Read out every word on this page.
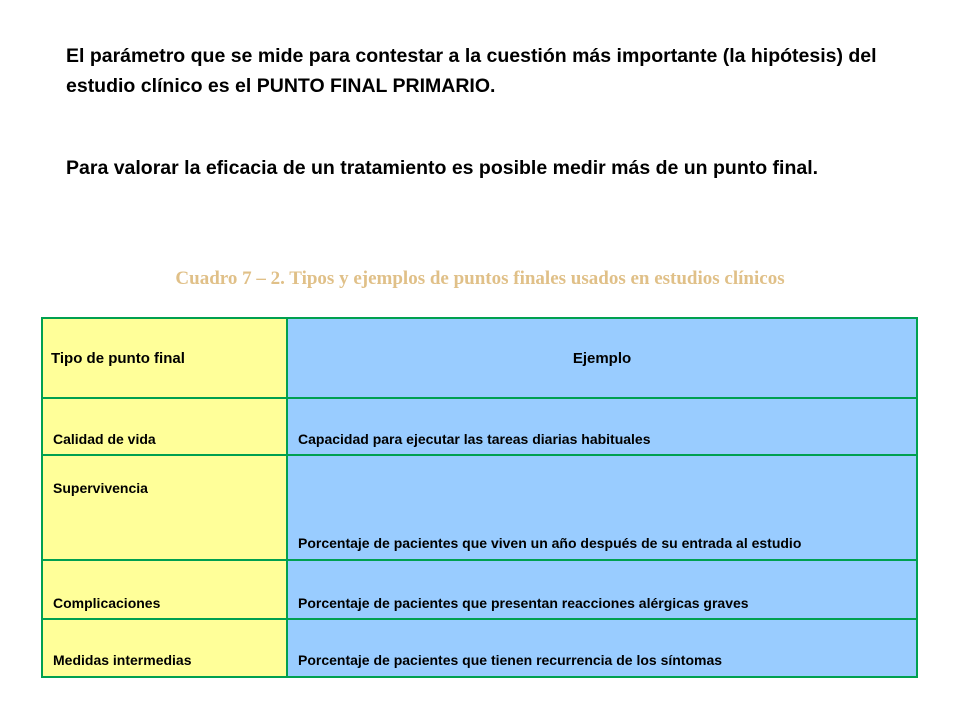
El parámetro que se mide para contestar a la cuestión más importante (la hipótesis) del estudio clínico es el PUNTO FINAL PRIMARIO.

Para valorar la eficacia de un tratamiento es posible medir más de un punto final.

Cuadro 7 – 2. Tipos y ejemplos de puntos finales usados en estudios clínicos

Tipo de punto final	Ejemplo
Calidad de vida	Capacidad para ejecutar las tareas diarias habituales
Supervivencia	Porcentaje de pacientes que viven un año después de su entrada al estudio
Complicaciones	Porcentaje de pacientes que presentan reacciones alérgicas graves
Medidas intermedias	Porcentaje de pacientes que tienen recurrencia de los síntomas
